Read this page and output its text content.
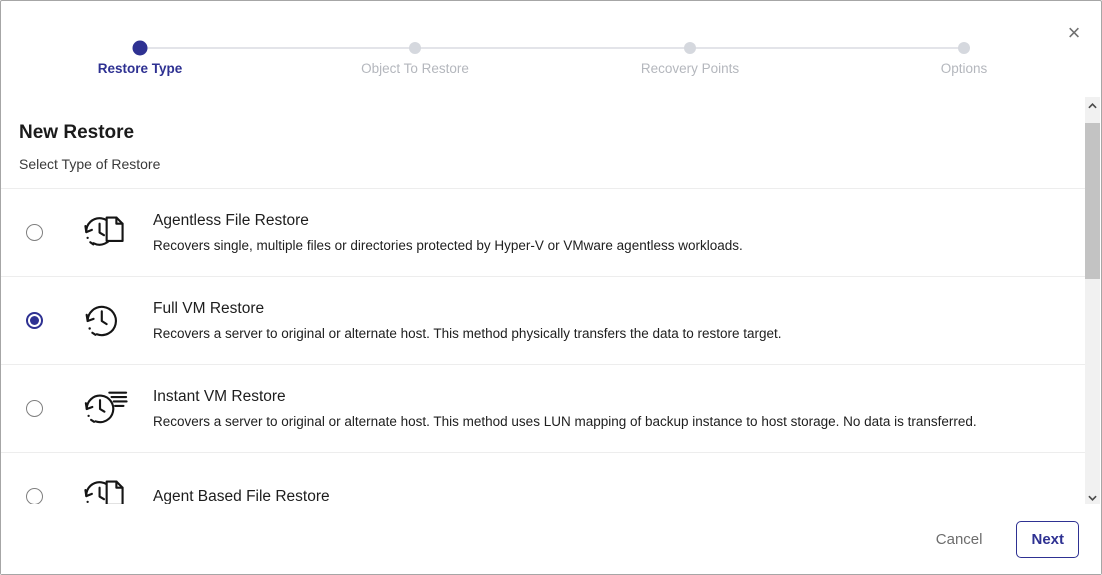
Restore Type	Object To Restore	Recovery Points	Options
×
New Restore
Select Type of Restore
Agentless File Restore
Recovers single, multiple files or directories protected by Hyper-V or VMware agentless workloads.
Full VM Restore
Recovers a server to original or alternate host. This method physically transfers the data to restore target.
Instant VM Restore
Recovers a server to original or alternate host. This method uses LUN mapping of backup instance to host storage. No data is transferred.
Agent Based File Restore
Cancel	Next
